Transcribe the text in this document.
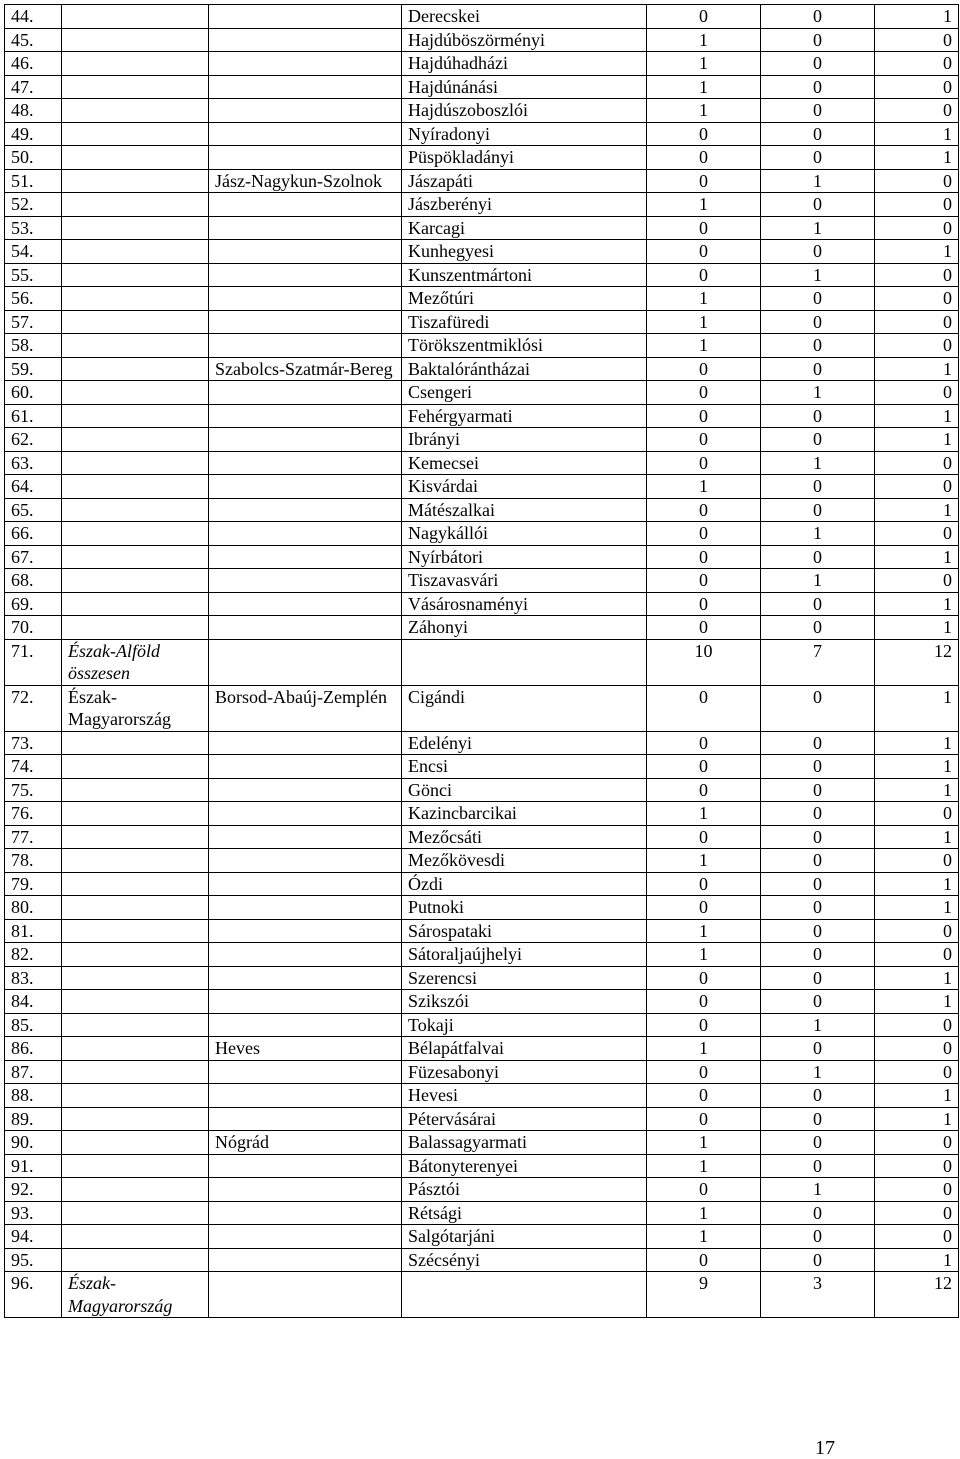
44.			Derecskei	0	0	1
45.			Hajdúböszörményi	1	0	0
46.			Hajdúhadházi	1	0	0
47.			Hajdúnánási	1	0	0
48.			Hajdúszoboszlói	1	0	0
49.			Nyíradonyi	0	0	1
50.			Püspökladányi	0	0	1
51.		Jász-Nagykun-Szolnok	Jászapáti	0	1	0
52.			Jászberényi	1	0	0
53.			Karcagi	0	1	0
54.			Kunhegyesi	0	0	1
55.			Kunszentmártoni	0	1	0
56.			Mezőtúri	1	0	0
57.			Tiszafüredi	1	0	0
58.			Törökszentmiklósi	1	0	0
59.		Szabolcs-Szatmár-Bereg	Baktalórántházai	0	0	1
60.			Csengeri	0	1	0
61.			Fehérgyarmati	0	0	1
62.			Ibrányi	0	0	1
63.			Kemecsei	0	1	0
64.			Kisvárdai	1	0	0
65.			Mátészalkai	0	0	1
66.			Nagykállói	0	1	0
67.			Nyírbátori	0	0	1
68.			Tiszavasvári	0	1	0
69.			Vásárosnaményi	0	0	1
70.			Záhonyi	0	0	1
71.	Észak-Alföld összesen			10	7	12
72.	Észak-Magyarország	Borsod-Abaúj-Zemplén	Cigándi	0	0	1
73.			Edelényi	0	0	1
74.			Encsi	0	0	1
75.			Gönci	0	0	1
76.			Kazincbarcikai	1	0	0
77.			Mezőcsáti	0	0	1
78.			Mezőkövesdi	1	0	0
79.			Ózdi	0	0	1
80.			Putnoki	0	0	1
81.			Sárospataki	1	0	0
82.			Sátoraljaújhelyi	1	0	0
83.			Szerencsi	0	0	1
84.			Szikszói	0	0	1
85.			Tokaji	0	1	0
86.		Heves	Bélapátfalvai	1	0	0
87.			Füzesabonyi	0	1	0
88.			Hevesi	0	0	1
89.			Pétervásárai	0	0	1
90.		Nógrád	Balassagyarmati	1	0	0
91.			Bátonyterenyei	1	0	0
92.			Pásztói	0	1	0
93.			Rétsági	1	0	0
94.			Salgótarjáni	1	0	0
95.			Szécsényi	0	0	1
96.	Észak-Magyarország			9	3	12
17
